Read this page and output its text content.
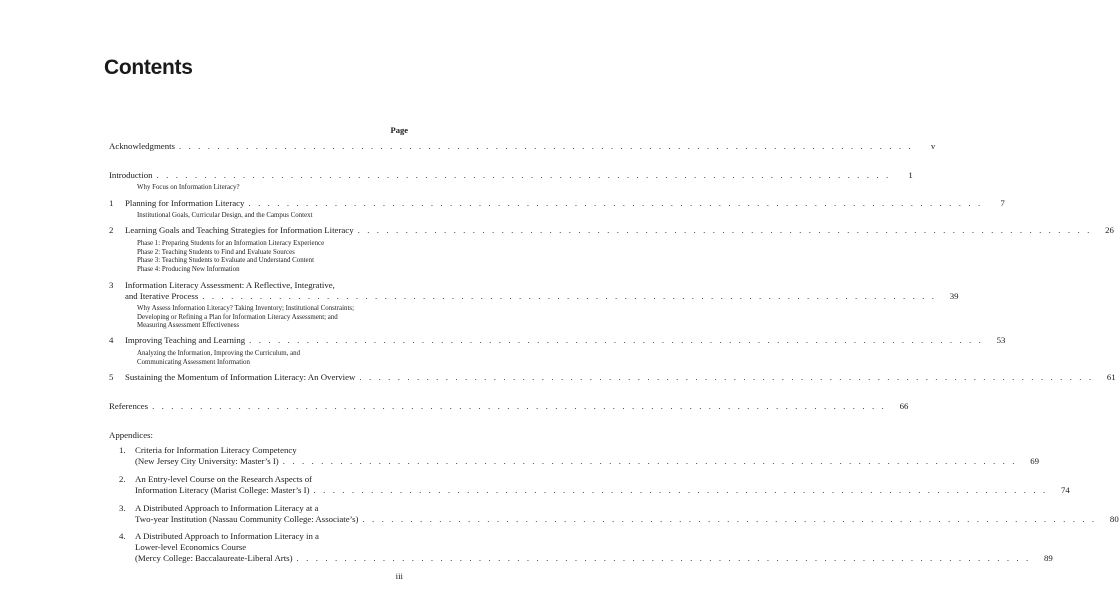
Contents
Page
Acknowledgments . . . . . . . . . . . . . . . . . . . . . . . . . . . . . . . . . . . . . . . . . . . . . . . . . . . . . . . . . . . . . . . . . . . . . . . . . . . . .	v
Introduction . . . . . . . . . . . . . . . . . . . . . . . . . . . . . . . . . . . . . . . . . . . . . . . . . . . . . . . . . . . . . . . . . . . . . . . . . . . . .	1
Why Focus on Information Literacy?
1	Planning for Information Literacy . . . . . . . . . . . . . . . . . . . . . . . . . . . . . . . . . . . . . . . . . . . . . . . . . . . . . . . . . . . . . . . . . . . . . . . . . . . . .	7
Institutional Goals, Curricular Design, and the Campus Context
2	Learning Goals and Teaching Strategies for Information Literacy . . . . . . . . . . . . . . . . . . . . . . . . . . . . . . . . . . . . . . . . . . . . . . . . . . . . . . . . . . . . . . . . . . . . . . . . . . . . .	26
Phase 1: Preparing Students for an Information Literacy Experience
Phase 2: Teaching Students to Find and Evaluate Sources
Phase 3: Teaching Students to Evaluate and Understand Content
Phase 4: Producing New Information
3	Information Literacy Assessment: A Reflective, Integrative,
and Iterative Process . . . . . . . . . . . . . . . . . . . . . . . . . . . . . . . . . . . . . . . . . . . . . . . . . . . . . . . . . . . . . . . . . . . . . . . . . . . . .	39
Why Assess Information Literacy? Taking Inventory; Institutional Constraints;
Developing or Refining a Plan for Information Literacy Assessment; and
Measuring Assessment Effectiveness
4	Improving Teaching and Learning . . . . . . . . . . . . . . . . . . . . . . . . . . . . . . . . . . . . . . . . . . . . . . . . . . . . . . . . . . . . . . . . . . . . . . . . . . . . .	53
Analyzing the Information, Improving the Curriculum, and
Communicating Assessment Information
5	Sustaining the Momentum of Information Literacy: An Overview . . . . . . . . . . . . . . . . . . . . . . . . . . . . . . . . . . . . . . . . . . . . . . . . . . . . . . . . . . . . . . . . . . . . . . . . . . . . .	61
References . . . . . . . . . . . . . . . . . . . . . . . . . . . . . . . . . . . . . . . . . . . . . . . . . . . . . . . . . . . . . . . . . . . . . . . . . . . . .	66
Appendices:
1.	Criteria for Information Literacy Competency
(New Jersey City University: Master’s I) . . . . . . . . . . . . . . . . . . . . . . . . . . . . . . . . . . . . . . . . . . . . . . . . . . . . . . . . . . . . . . . . . . . . . . . . . . . . .	69
2.	An Entry-level Course on the Research Aspects of
Information Literacy (Marist College: Master’s I) . . . . . . . . . . . . . . . . . . . . . . . . . . . . . . . . . . . . . . . . . . . . . . . . . . . . . . . . . . . . . . . . . . . . . . . . . . . . .	74
3.	A Distributed Approach to Information Literacy at a
Two-year Institution (Nassau Community College: Associate’s) . . . . . . . . . . . . . . . . . . . . . . . . . . . . . . . . . . . . . . . . . . . . . . . . . . . . . . . . . . . . . . . . . . . . . . . . . . . . .	80
4.	A Distributed Approach to Information Literacy in a
Lower-level Economics Course
(Mercy College: Baccalaureate-Liberal Arts) . . . . . . . . . . . . . . . . . . . . . . . . . . . . . . . . . . . . . . . . . . . . . . . . . . . . . . . . . . . . . . . . . . . . . . . . . . . . .	89
iii
